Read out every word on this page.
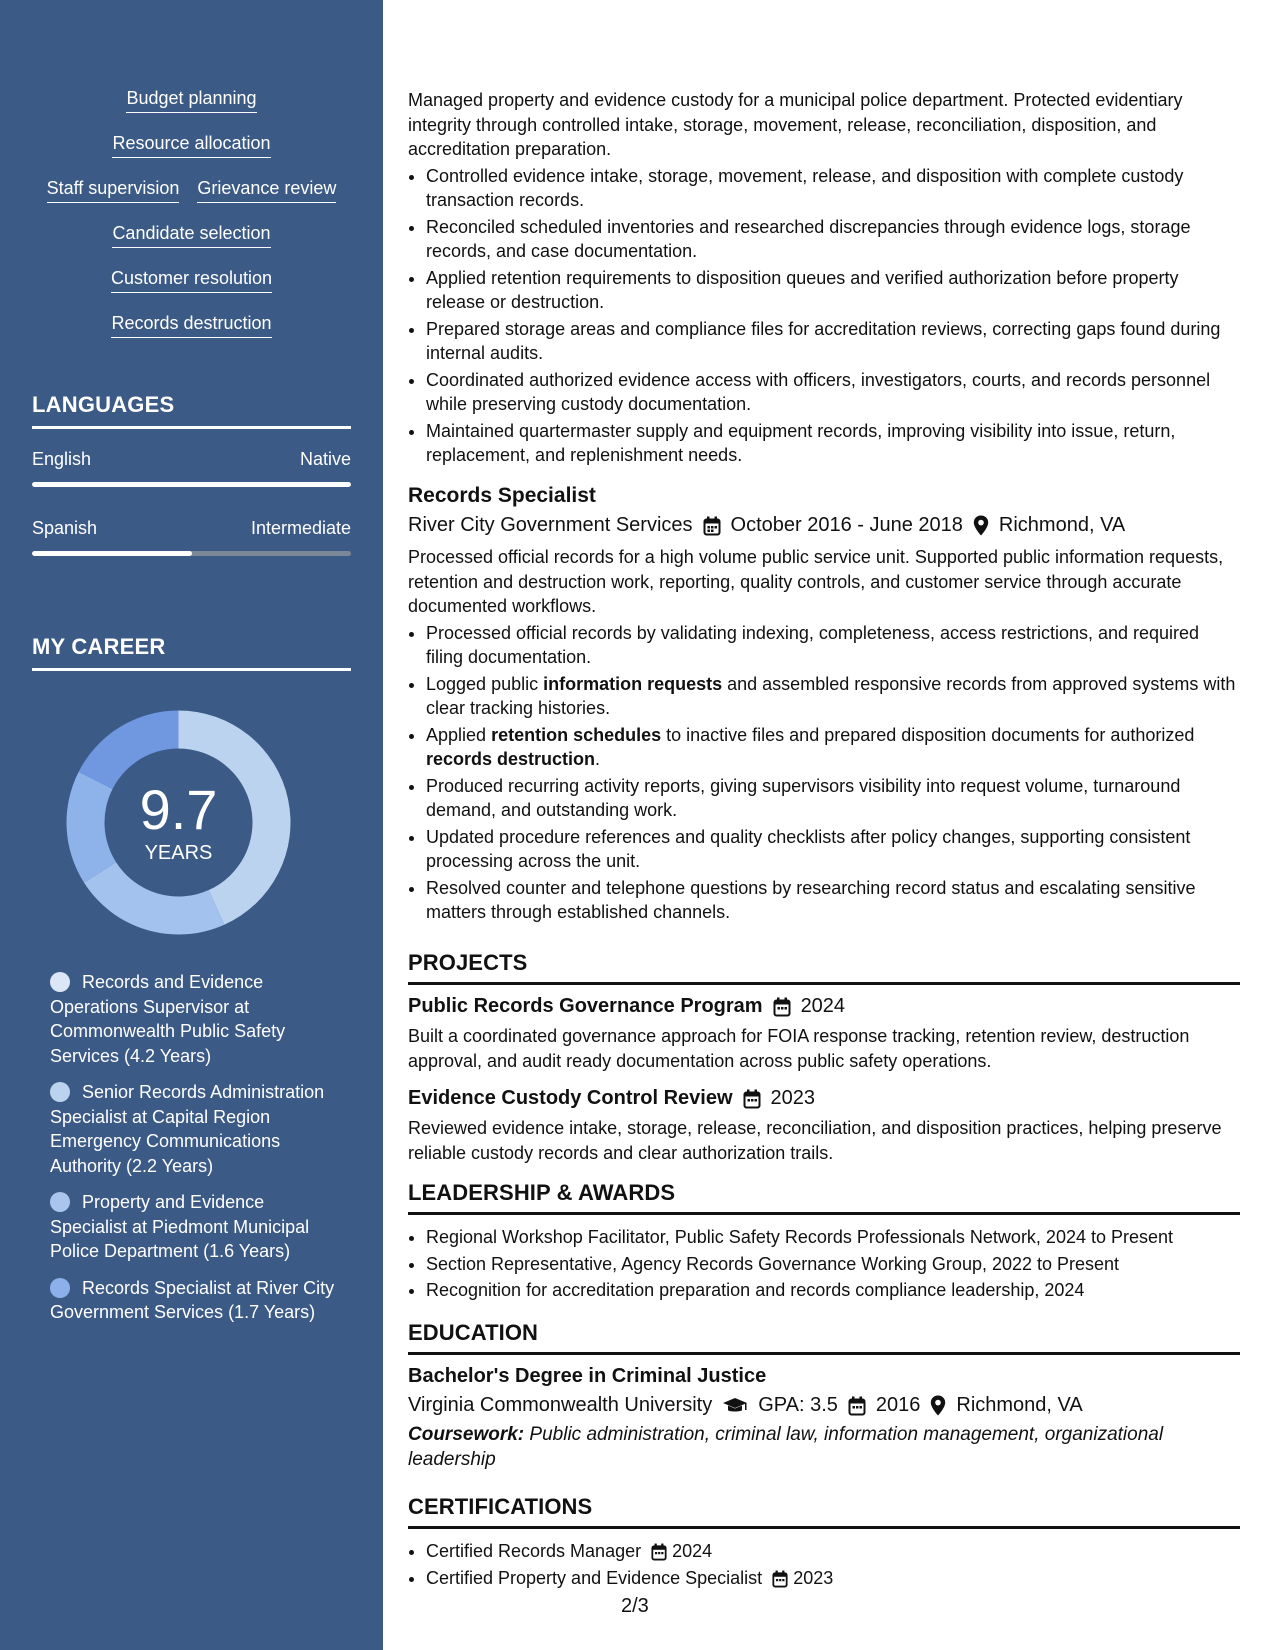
Budget planning
Resource allocation
Staff supervision Grievance review
Candidate selection
Customer resolution
Records destruction
LANGUAGES
English	Native
Spanish	Intermediate
MY CAREER
9.7
YEARS
Records and Evidence Operations Supervisor at Commonwealth Public Safety Services (4.2 Years)
Senior Records Administration Specialist at Capital Region Emergency Communications Authority (2.2 Years)
Property and Evidence Specialist at Piedmont Municipal Police Department (1.6 Years)
Records Specialist at River City Government Services (1.7 Years)

Managed property and evidence custody for a municipal police department. Protected evidentiary integrity through controlled intake, storage, movement, release, reconciliation, disposition, and accreditation preparation.

• Controlled evidence intake, storage, movement, release, and disposition with complete custody transaction records.
• Reconciled scheduled inventories and researched discrepancies through evidence logs, storage records, and case documentation.
• Applied retention requirements to disposition queues and verified authorization before property release or destruction.
• Prepared storage areas and compliance files for accreditation reviews, correcting gaps found during internal audits.
• Coordinated authorized evidence access with officers, investigators, courts, and records personnel while preserving custody documentation.
• Maintained quartermaster supply and equipment records, improving visibility into issue, return, replacement, and replenishment needs.

Records Specialist

River City Government Services October 2016 - June 2018 Richmond, VA

Processed official records for a high volume public service unit. Supported public information requests, retention and destruction work, reporting, quality controls, and customer service through accurate documented workflows.

• Processed official records by validating indexing, completeness, access restrictions, and required filing documentation.
• Logged public information requests and assembled responsive records from approved systems with clear tracking histories.
• Applied retention schedules to inactive files and prepared disposition documents for authorized records destruction.
• Produced recurring activity reports, giving supervisors visibility into request volume, turnaround demand, and outstanding work.
• Updated procedure references and quality checklists after policy changes, supporting consistent processing across the unit.
• Resolved counter and telephone questions by researching record status and escalating sensitive matters through established channels.

PROJECTS

Public Records Governance Program 2024

Built a coordinated governance approach for FOIA response tracking, retention review, destruction approval, and audit ready documentation across public safety operations.

Evidence Custody Control Review 2023

Reviewed evidence intake, storage, release, reconciliation, and disposition practices, helping preserve reliable custody records and clear authorization trails.

LEADERSHIP & AWARDS

• Regional Workshop Facilitator, Public Safety Records Professionals Network, 2024 to Present
• Section Representative, Agency Records Governance Working Group, 2022 to Present
• Recognition for accreditation preparation and records compliance leadership, 2024

EDUCATION

Bachelor's Degree in Criminal Justice

Virginia Commonwealth University GPA: 3.5 2016 Richmond, VA

Coursework: Public administration, criminal law, information management, organizational leadership

CERTIFICATIONS

• Certified Records Manager 2024
• Certified Property and Evidence Specialist 2023
2/3
